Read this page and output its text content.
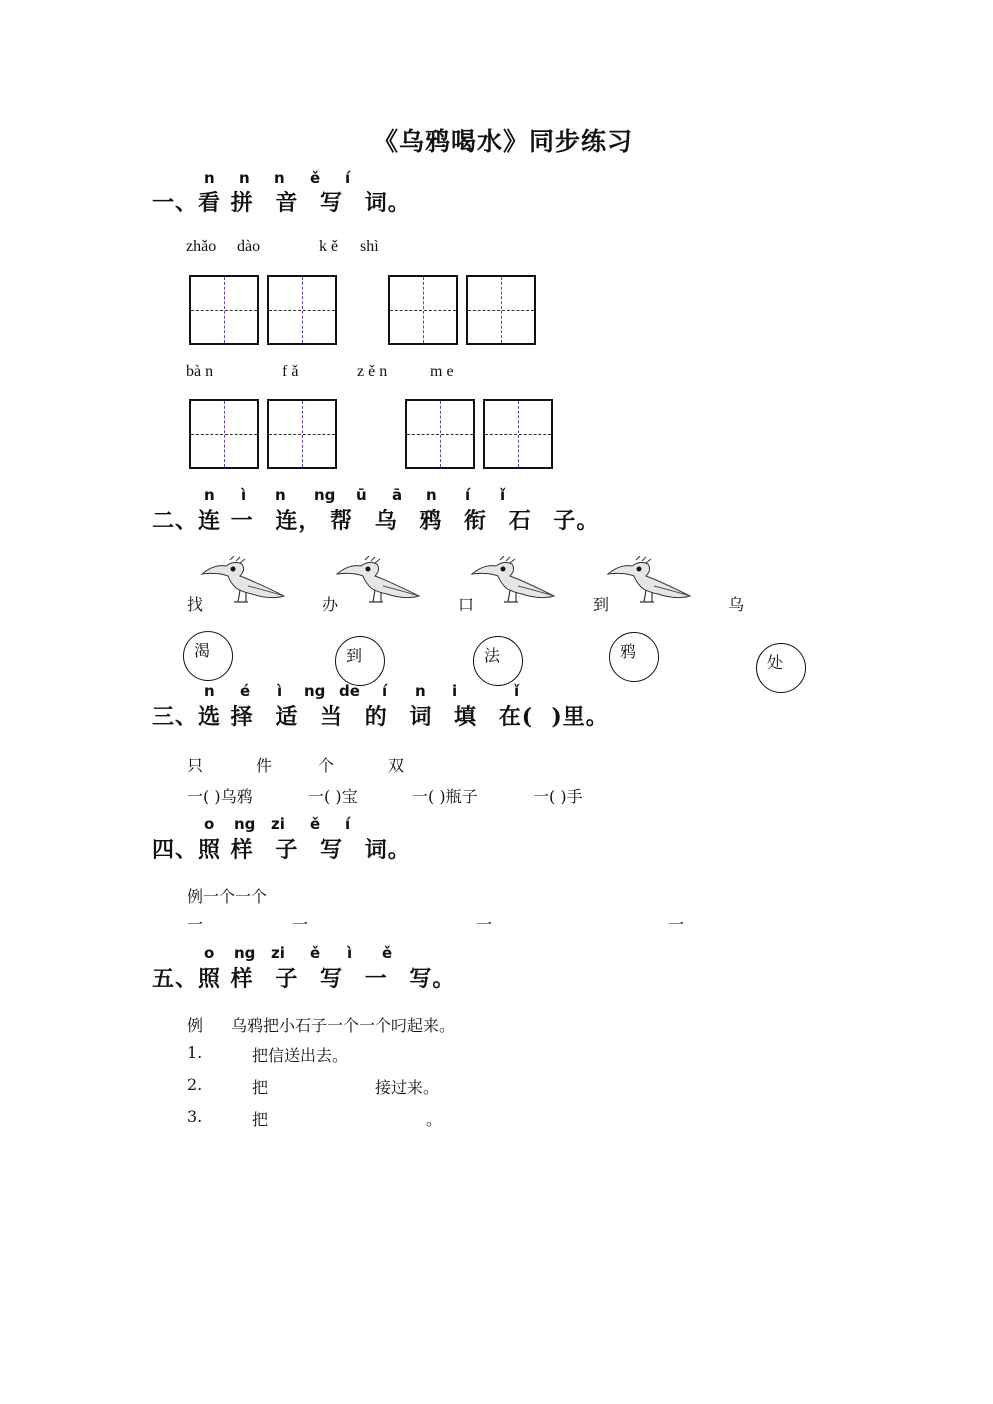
《乌鸦喝水》同步练习
n n n ě í
一、看 拼 音 写 词。
zhǎo dào	k ě shì
bà n	f ǎ	z ě n	m e
n ì n ng ū ā n í ǐ
二、连 一 连， 帮 乌 鸦 衔 石 子。
找	办	口	到	乌
渴	到	法	鸦
处
n é ì ng de í n i	ǐ
三、选 择 适 当 的 词 填 在( )里。
只	件	个	双
一( )乌鸦	一( )宝	一( )瓶子	一( )手
o ng zi ě í
四、照 样 子 写 词。
例一个一个
一	一	一	一
o ng zi ě ì ě
五、照 样 子 写 一 写。
例 乌鸦把小石子一个一个叼起来。
1.	把信送出去。
2.	把	接过来。
3.	把	。
